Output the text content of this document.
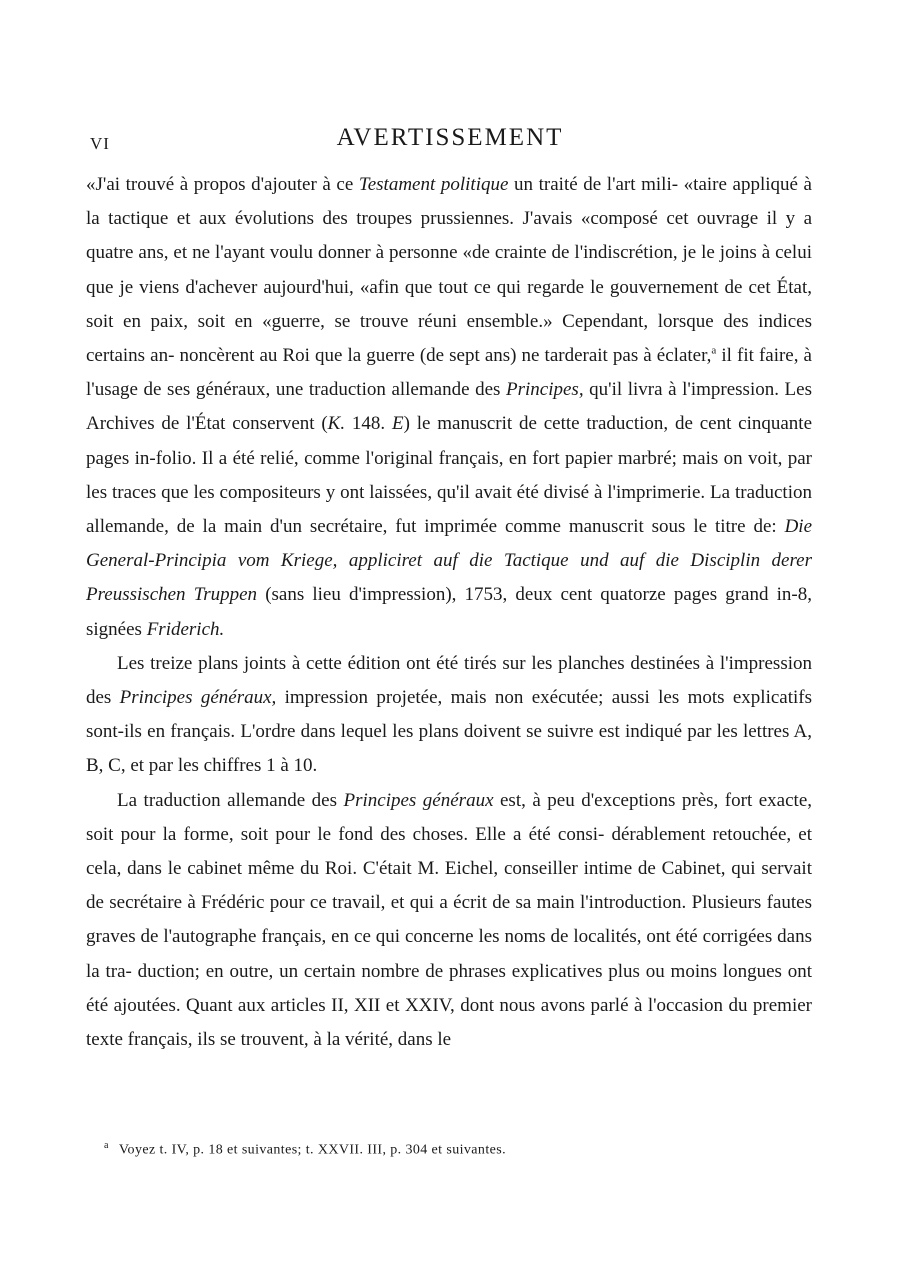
VI	AVERTISSEMENT

«J'ai trouvé à propos d'ajouter à ce Testament politique un traité de l'art mili- «taire appliqué à la tactique et aux évolutions des troupes prussiennes. J'avais «composé cet ouvrage il y a quatre ans, et ne l'ayant voulu donner à personne «de crainte de l'indiscrétion, je le joins à celui que je viens d'achever aujourd'hui, «afin que tout ce qui regarde le gouvernement de cet État, soit en paix, soit en «guerre, se trouve réuni ensemble.» Cependant, lorsque des indices certains an- noncèrent au Roi que la guerre (de sept ans) ne tarderait pas à éclater,$^a$ il fit faire, à l'usage de ses généraux, une traduction allemande des Principes, qu'il livra à l'impression. Les Archives de l'État conservent (K. 148. E) le manuscrit de cette traduction, de cent cinquante pages in-folio. Il a été relié, comme l'original français, en fort papier marbré; mais on voit, par les traces que les compositeurs y ont laissées, qu'il avait été divisé à l'imprimerie. La traduction allemande, de la main d'un secrétaire, fut imprimée comme manuscrit sous le titre de: Die General-Principia vom Kriege, appliciret auf die Tactique und auf die Disciplin derer Preussischen Truppen (sans lieu d'impression), 1753, deux cent quatorze pages grand in-8, signées Friderich.

Les treize plans joints à cette édition ont été tirés sur les planches destinées à l'impression des Principes généraux, impression projetée, mais non exécutée; aussi les mots explicatifs sont-ils en français. L'ordre dans lequel les plans doivent se suivre est indiqué par les lettres A, B, C, et par les chiffres 1 à 10.

La traduction allemande des Principes généraux est, à peu d'exceptions près, fort exacte, soit pour la forme, soit pour le fond des choses. Elle a été consi- dérablement retouchée, et cela, dans le cabinet même du Roi. C'était M. Eichel, conseiller intime de Cabinet, qui servait de secrétaire à Frédéric pour ce travail, et qui a écrit de sa main l'introduction. Plusieurs fautes graves de l'autographe français, en ce qui concerne les noms de localités, ont été corrigées dans la tra- duction; en outre, un certain nombre de phrases explicatives plus ou moins longues ont été ajoutées. Quant aux articles II, XII et XXIV, dont nous avons parlé à l'occasion du premier texte français, ils se trouvent, à la vérité, dans le

$^a$ Voyez t. IV, p. 18 et suivantes; t. XXVII. III, p. 304 et suivantes.
